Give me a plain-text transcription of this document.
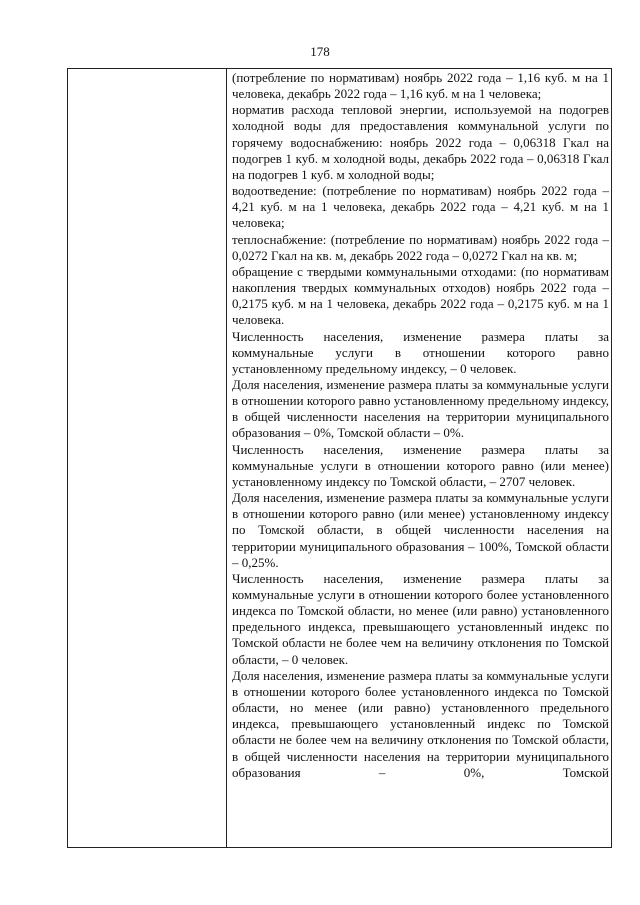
178

(потребление по нормативам) ноябрь 2022 года – 1,16 куб. м на 1 человека, декабрь 2022 года – 1,16 куб. м на 1 человека;

норматив расхода тепловой энергии, используемой на подогрев холодной воды для предоставления коммунальной услуги по горячему водоснабжению: ноябрь 2022 года – 0,06318 Гкал на подогрев 1 куб. м холодной воды, декабрь 2022 года – 0,06318 Гкал на подогрев 1 куб. м холодной воды;

водоотведение: (потребление по нормативам) ноябрь 2022 года – 4,21 куб. м на 1 человека, декабрь 2022 года – 4,21 куб. м на 1 человека;

теплоснабжение: (потребление по нормативам) ноябрь 2022 года – 0,0272 Гкал на кв. м, декабрь 2022 года – 0,0272 Гкал на кв. м;

обращение с твердыми коммунальными отходами: (по нормативам накопления твердых коммунальных отходов) ноябрь 2022 года – 0,2175 куб. м на 1 человека, декабрь 2022 года – 0,2175 куб. м на 1 человека.

Численность населения, изменение размера платы за коммунальные услуги в отношении которого равно установленному предельному индексу, – 0 человек.

Доля населения, изменение размера платы за коммунальные услуги в отношении которого равно установленному предельному индексу, в общей численности населения на территории муниципального образования – 0%, Томской области – 0%.

Численность населения, изменение размера платы за коммунальные услуги в отношении которого равно (или менее) установленному индексу по Томской области, – 2707 человек.

Доля населения, изменение размера платы за коммунальные услуги в отношении которого равно (или менее) установленному индексу по Томской области, в общей численности населения на территории муниципального образования – 100%, Томской области – 0,25%.

Численность населения, изменение размера платы за коммунальные услуги в отношении которого более установленного индекса по Томской области, но менее (или равно) установленного предельного индекса, превышающего установленный индекс по Томской области не более чем на величину отклонения по Томской области, – 0 человек.

Доля населения, изменение размера платы за коммунальные услуги в отношении которого более установленного индекса по Томской области, но менее (или равно) установленного предельного индекса, превышающего установленный индекс по Томской области не более чем на величину отклонения по Томской области, в общей численности населения на территории муниципального образования – 0%, Томской
